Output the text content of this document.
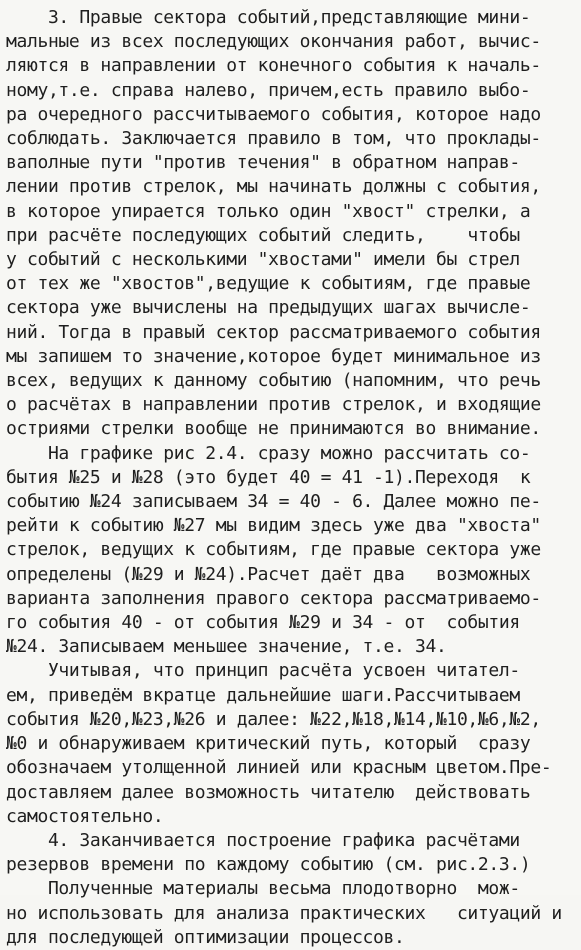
3. Правые сектора событий,представляющие мини-
мальные из всех последующих окончания работ, вычис-
ляются в направлении от конечного события к началь-
ному,т.е. справа налево, причем,есть правило выбо-
ра очередного рассчитываемого события, которое надо
соблюдать. Заключается правило в том, что проклады-
ваполные пути "против течения" в обратном направ-
лении против стрелок, мы начинать должны с события,
в которое упирается только один "хвост" стрелки, а
при расчёте последующих событий следить,    чтобы
у событий с несколькими "хвостами" имели бы стрел
от тех же "хвостов",ведущие к событиям, где правые
сектора уже вычислены на предыдущих шагах вычисле-
ний. Тогда в правый сектор рассматриваемого события
мы запишем то значение,которое будет минимальное из
всех, ведущих к данному событию (напомним, что речь
о расчётах в направлении против стрелок, и входящие
остриями стрелки вообще не принимаются во внимание.
На графике рис 2.4. сразу можно рассчитать со-
бытия №25 и №28 (это будет 40 = 41 -1).Переходя  к
событию №24 записываем 34 = 40 - 6. Далее можно пе-
рейти к событию №27 мы видим здесь уже два "хвоста"
стрелок, ведущих к событиям, где правые сектора уже
определены (№29 и №24).Расчет даёт два   возможных
варианта заполнения правого сектора рассматриваемо-
го события 40 - от события №29 и 34 - от  события
№24. Записываем меньшее значение, т.е. 34.
Учитывая, что принцип расчёта усвоен читател-
ем, приведём вкратце дальнейшие шаги.Рассчитываем
события №20,№23,№26 и далее: №22,№18,№14,№10,№6,№2,
№0 и обнаруживаем критический путь, который  сразу
обозначаем утолщенной линией или красным цветом.Пре-
доставляем далее возможность читателю  действовать
самостоятельно.
4. Заканчивается построение графика расчётами
резервов времени по каждому событию (см. рис.2.3.)
Полученные материалы весьма плодотворно  мож-
но использовать для анализа практических   ситуаций и
для последующей оптимизации процессов.
